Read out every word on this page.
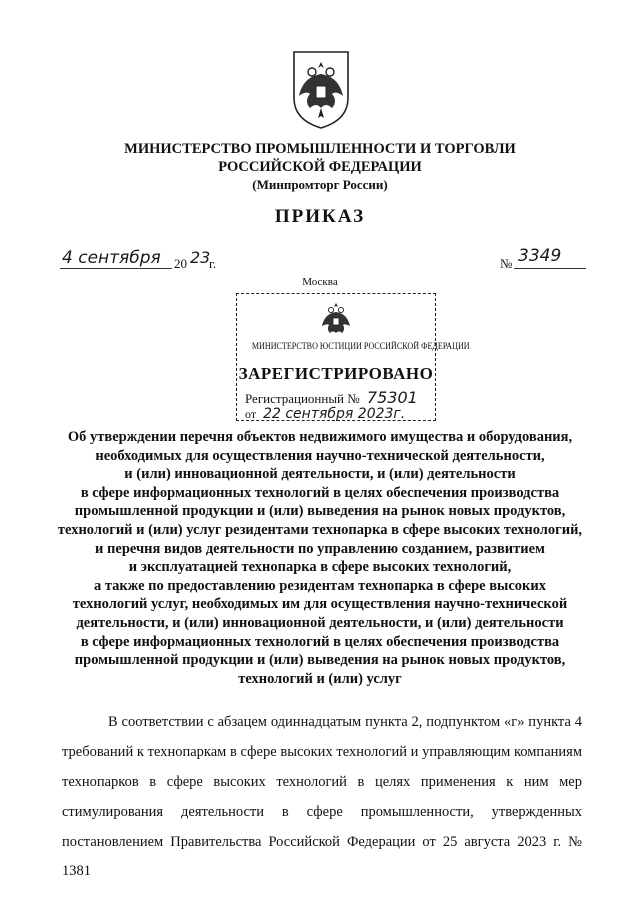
МИНИСТЕРСТВО ПРОМЫШЛЕННОСТИ И ТОРГОВЛИ
РОССИЙСКОЙ ФЕДЕРАЦИИ
(Минпромторг России)
ПРИКАЗ
4 сентября 20 23
г.	№ 3349
Москва
МИНИСТЕРСТВО ЮСТИЦИИ РОССИЙСКОЙ ФЕДЕРАЦИИ
ЗАРЕГИСТРИРОВАНО
Регистрационный № 75301
от 22 сентября 2023г.
Об утверждении перечня объектов недвижимого имущества и оборудования,
необходимых для осуществления научно-технической деятельности,
и (или) инновационной деятельности, и (или) деятельности
в сфере информационных технологий в целях обеспечения производства
промышленной продукции и (или) выведения на рынок новых продуктов,
технологий и (или) услуг резидентами технопарка в сфере высоких технологий,
и перечня видов деятельности по управлению созданием, развитием
и эксплуатацией технопарка в сфере высоких технологий,
а также по предоставлению резидентам технопарка в сфере высоких
технологий услуг, необходимых им для осуществления научно-технической
деятельности, и (или) инновационной деятельности, и (или) деятельности
в сфере информационных технологий в целях обеспечения производства
промышленной продукции и (или) выведения на рынок новых продуктов,
технологий и (или) услуг
В соответствии с абзацем одиннадцатым пункта 2, подпунктом «г» пункта 4
требований к технопаркам в сфере высоких технологий и управляющим компаниям
технопарков в сфере высоких технологий в целях применения к ним мер
стимулирования деятельности в сфере промышленности, утвержденных
постановлением Правительства Российской Федерации от 25 августа 2023 г. № 1381
